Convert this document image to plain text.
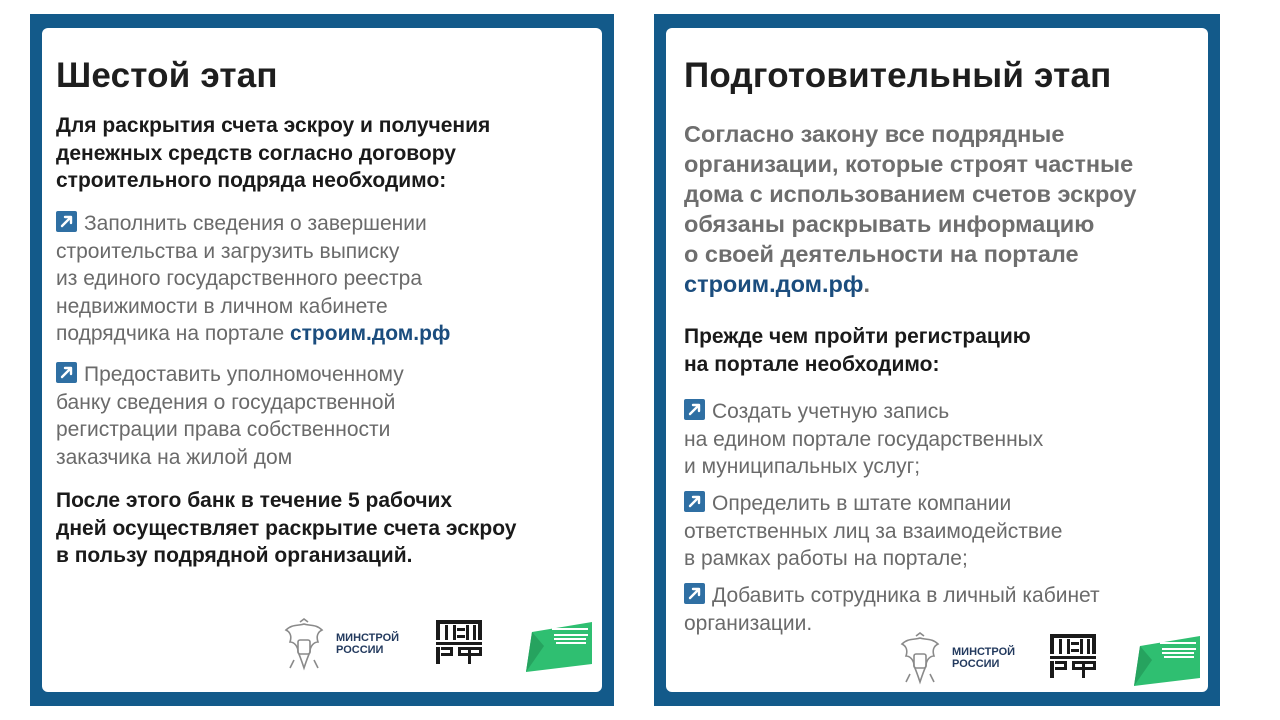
Шестой этап
Для раскрытия счета эскроу и получения
денежных средств согласно договору
строительного подряда необходимо:
Заполнить сведения о завершении
строительства и загрузить выписку
из единого государственного реестра
недвижимости в личном кабинете
подрядчика на портале строим.дом.рф
Предоставить уполномоченному
банку сведения о государственной
регистрации права собственности
заказчика на жилой дом
После этого банк в течение 5 рабочих
дней осуществляет раскрытие счета эскроу
в пользу подрядной организаций.
МИНСТРОЙ
РОССИИ
Подготовительный этап
Согласно закону все подрядные
организации, которые строят частные
дома с использованием счетов эскроу
обязаны раскрывать информацию
о своей деятельности на портале
строим.дом.рф.
Прежде чем пройти регистрацию
на портале необходимо:
Создать учетную запись
на едином портале государственных
и муниципальных услуг;
Определить в штате компании
ответственных лиц за взаимодействие
в рамках работы на портале;
Добавить сотрудника в личный кабинет
организации.
МИНСТРОЙ
РОССИИ
